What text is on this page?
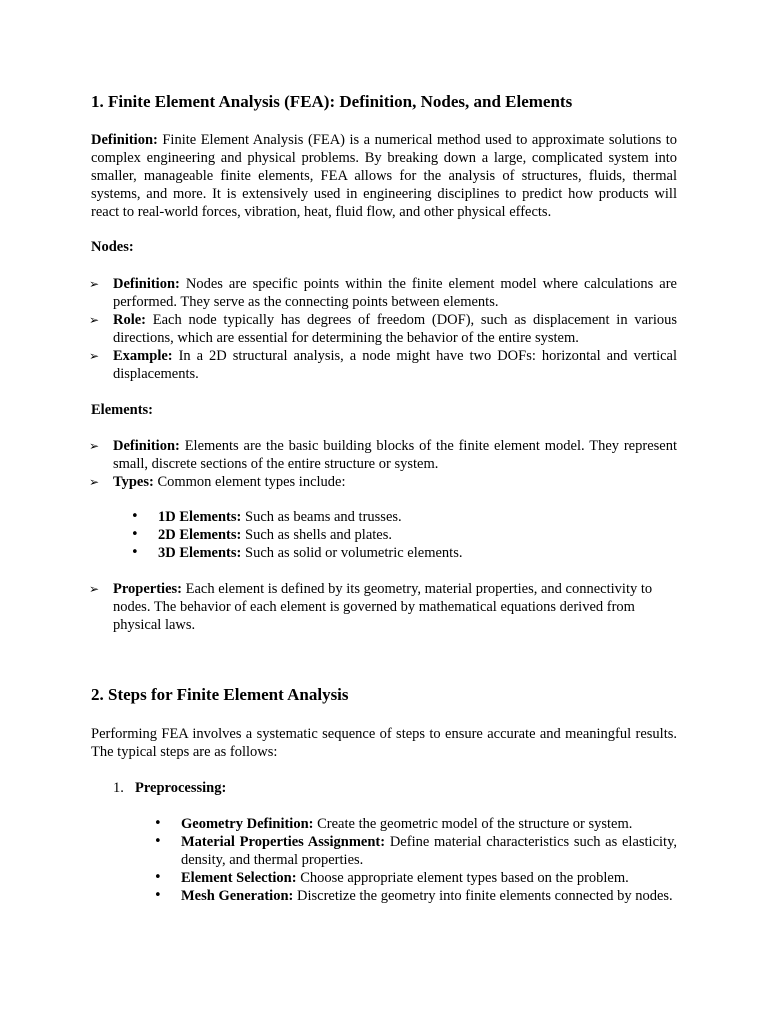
1. Finite Element Analysis (FEA): Definition, Nodes, and Elements
Definition: Finite Element Analysis (FEA) is a numerical method used to approximate solutions to complex engineering and physical problems. By breaking down a large, complicated system into smaller, manageable finite elements, FEA allows for the analysis of structures, fluids, thermal systems, and more. It is extensively used in engineering disciplines to predict how products will react to real-world forces, vibration, heat, fluid flow, and other physical effects.
Nodes:
➢ Definition: Nodes are specific points within the finite element model where calculations are performed. They serve as the connecting points between elements.
➢ Role: Each node typically has degrees of freedom (DOF), such as displacement in various directions, which are essential for determining the behavior of the entire system.
➢ Example: In a 2D structural analysis, a node might have two DOFs: horizontal and vertical displacements.
Elements:
➢ Definition: Elements are the basic building blocks of the finite element model. They represent small, discrete sections of the entire structure or system.
➢ Types: Common element types include:
• 1D Elements: Such as beams and trusses.
• 2D Elements: Such as shells and plates.
• 3D Elements: Such as solid or volumetric elements.
➢ Properties: Each element is defined by its geometry, material properties, and connectivity to nodes. The behavior of each element is governed by mathematical equations derived from physical laws.
2. Steps for Finite Element Analysis
Performing FEA involves a systematic sequence of steps to ensure accurate and meaningful results. The typical steps are as follows:
1. Preprocessing:
• Geometry Definition: Create the geometric model of the structure or system.
• Material Properties Assignment: Define material characteristics such as elasticity, density, and thermal properties.
• Element Selection: Choose appropriate element types based on the problem.
• Mesh Generation: Discretize the geometry into finite elements connected by nodes.
